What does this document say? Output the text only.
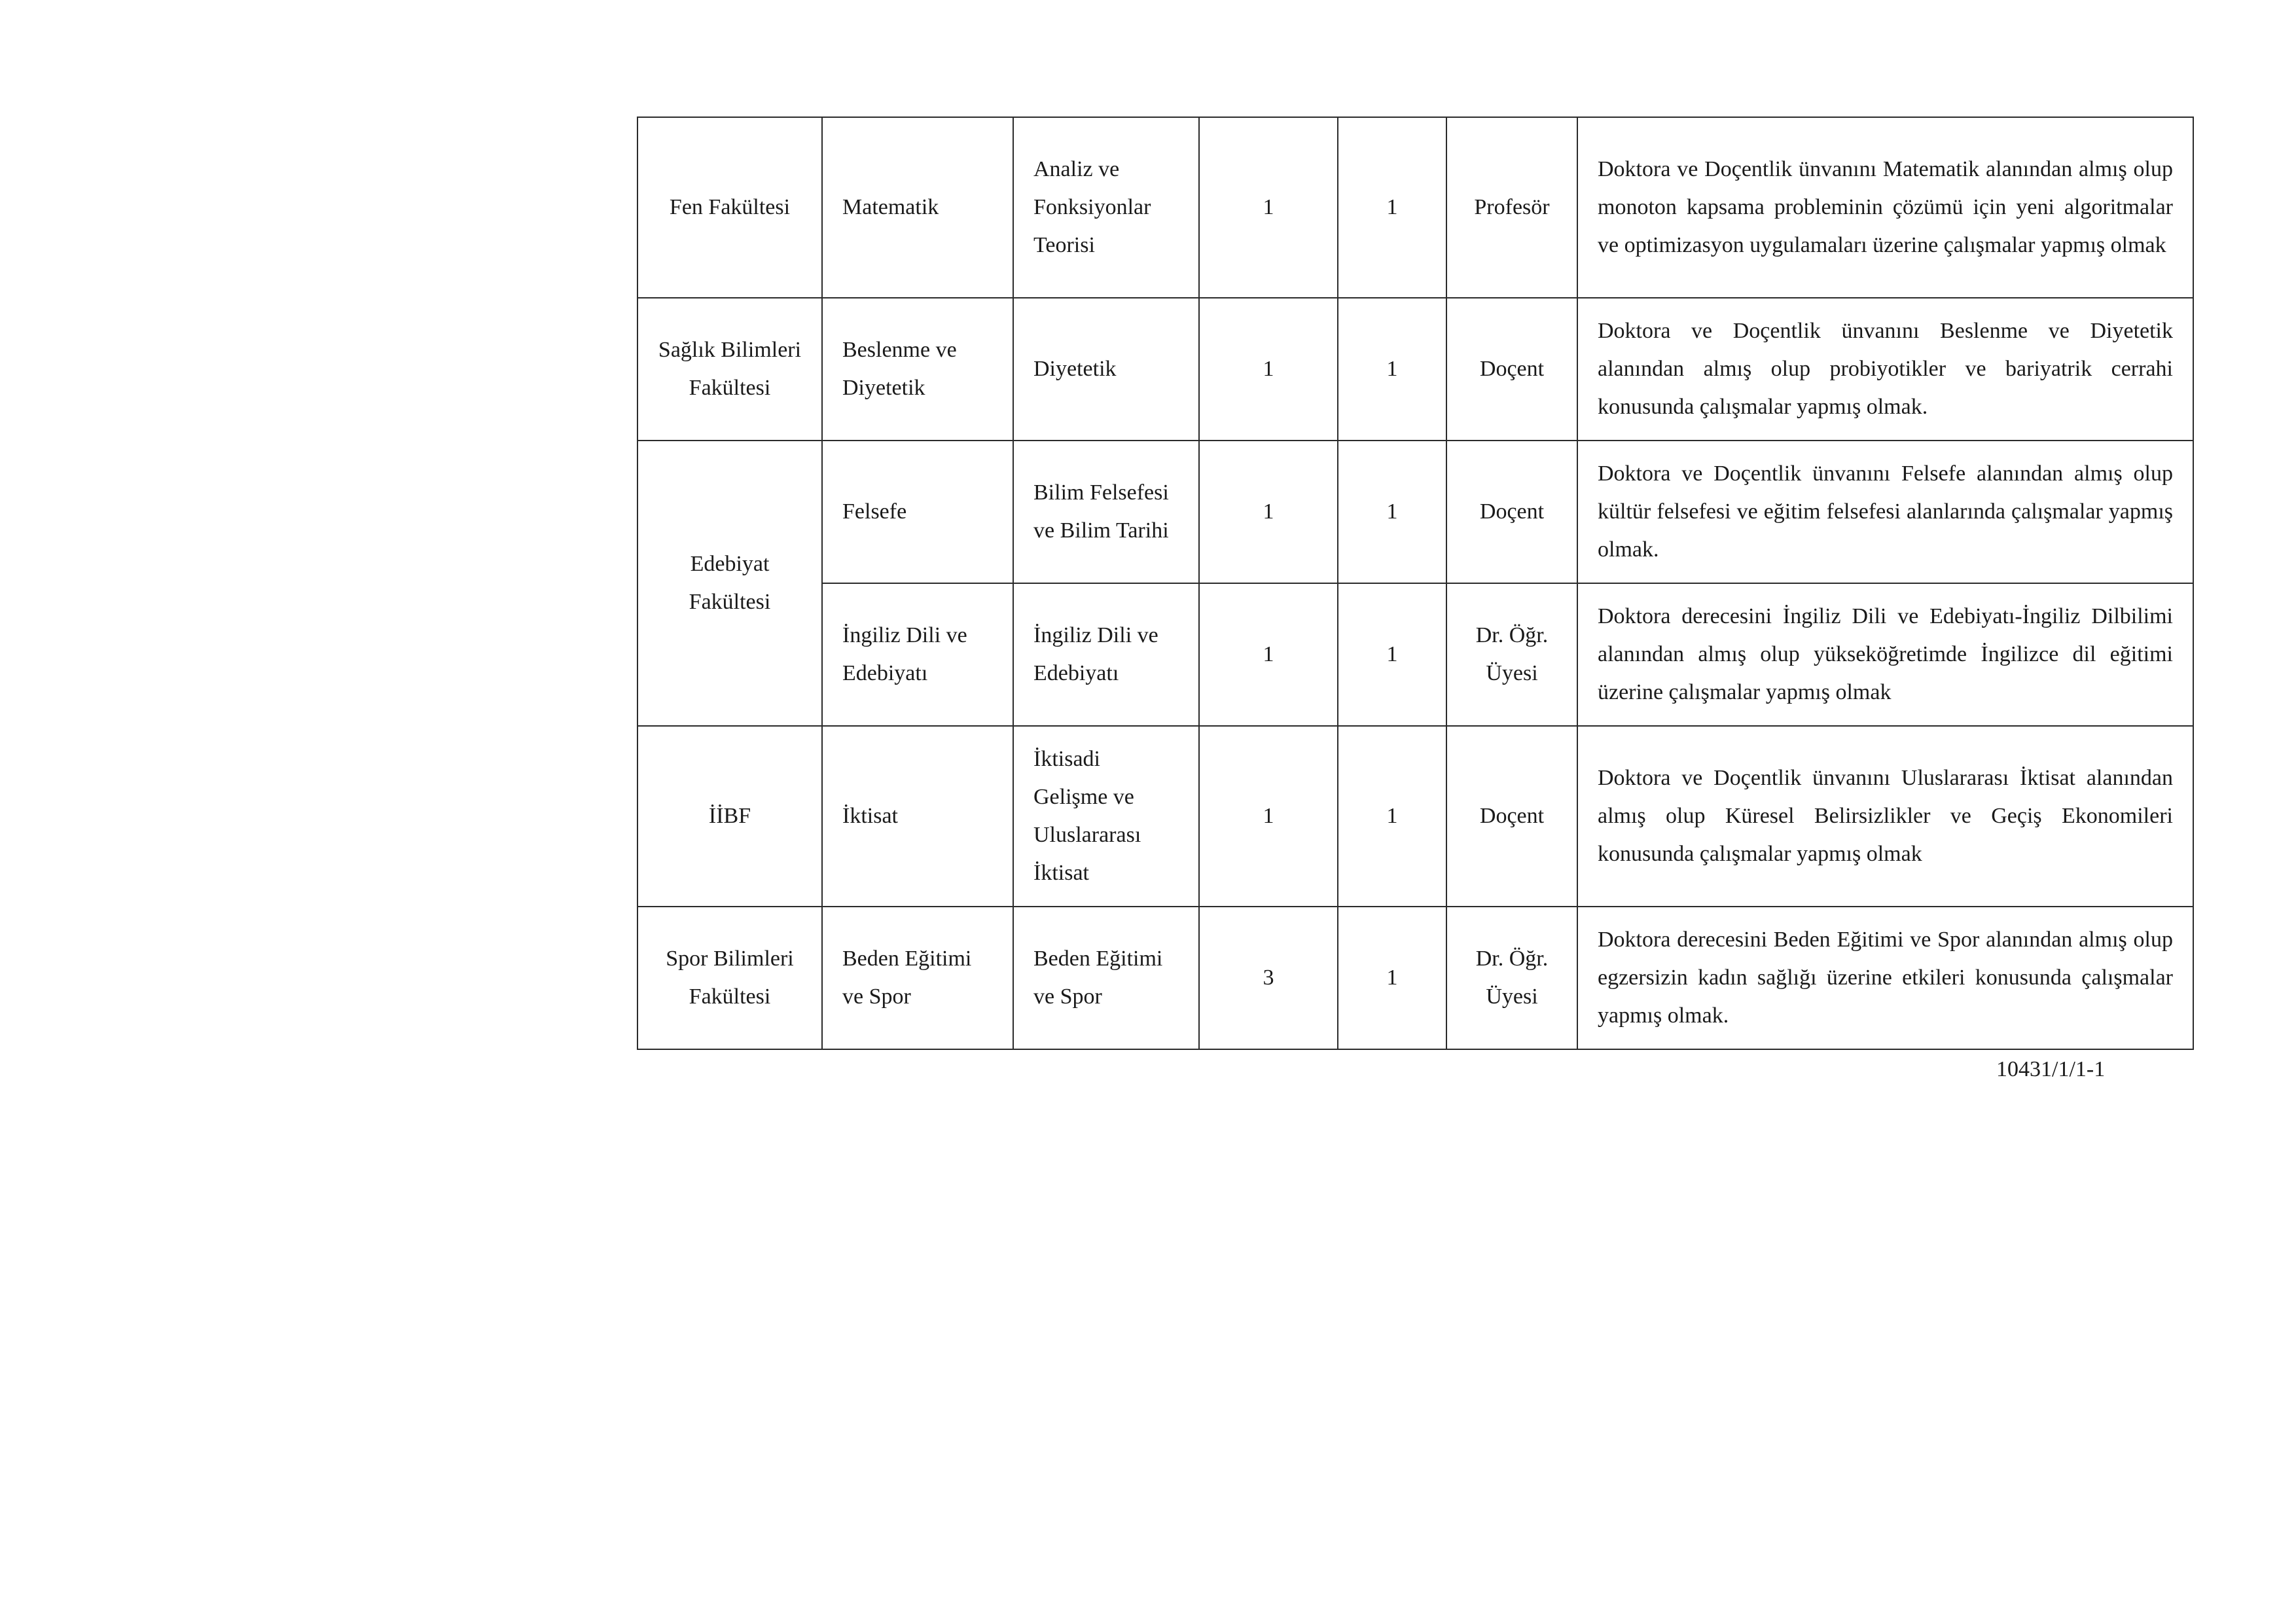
Fen Fakültesi	Matematik	Analiz ve Fonksiyonlar Teorisi	1	1	Profesör	Doktora ve Doçentlik ünvanını Matematik alanından almış olup monoton kapsama probleminin çözümü için yeni algoritmalar ve optimizasyon uygulamaları üzerine çalışmalar yapmış olmak
Sağlık Bilimleri Fakültesi	Beslenme ve Diyetetik	Diyetetik	1	1	Doçent	Doktora ve Doçentlik ünvanını Beslenme ve Diyetetik alanından almış olup probiyotikler ve bariyatrik cerrahi konusunda çalışmalar yapmış olmak.
Edebiyat Fakültesi	Felsefe	Bilim Felsefesi ve Bilim Tarihi	1	1	Doçent	Doktora ve Doçentlik ünvanını Felsefe alanından almış olup kültür felsefesi ve eğitim felsefesi alanlarında çalışmalar yapmış olmak.
	İngiliz Dili ve Edebiyatı	İngiliz Dili ve Edebiyatı	1	1	Dr. Öğr. Üyesi	Doktora derecesini İngiliz Dili ve Edebiyatı-İngiliz Dilbilimi alanından almış olup yükseköğretimde İngilizce dil eğitimi üzerine çalışmalar yapmış olmak
İİBF	İktisat	İktisadi Gelişme ve Uluslararası İktisat	1	1	Doçent	Doktora ve Doçentlik ünvanını Uluslararası İktisat alanından almış olup Küresel Belirsizlikler ve Geçiş Ekonomileri konusunda çalışmalar yapmış olmak
Spor Bilimleri Fakültesi	Beden Eğitimi ve Spor	Beden Eğitimi ve Spor	3	1	Dr. Öğr. Üyesi	Doktora derecesini Beden Eğitimi ve Spor alanından almış olup egzersizin kadın sağlığı üzerine etkileri konusunda çalışmalar yapmış olmak.
10431/1/1-1
